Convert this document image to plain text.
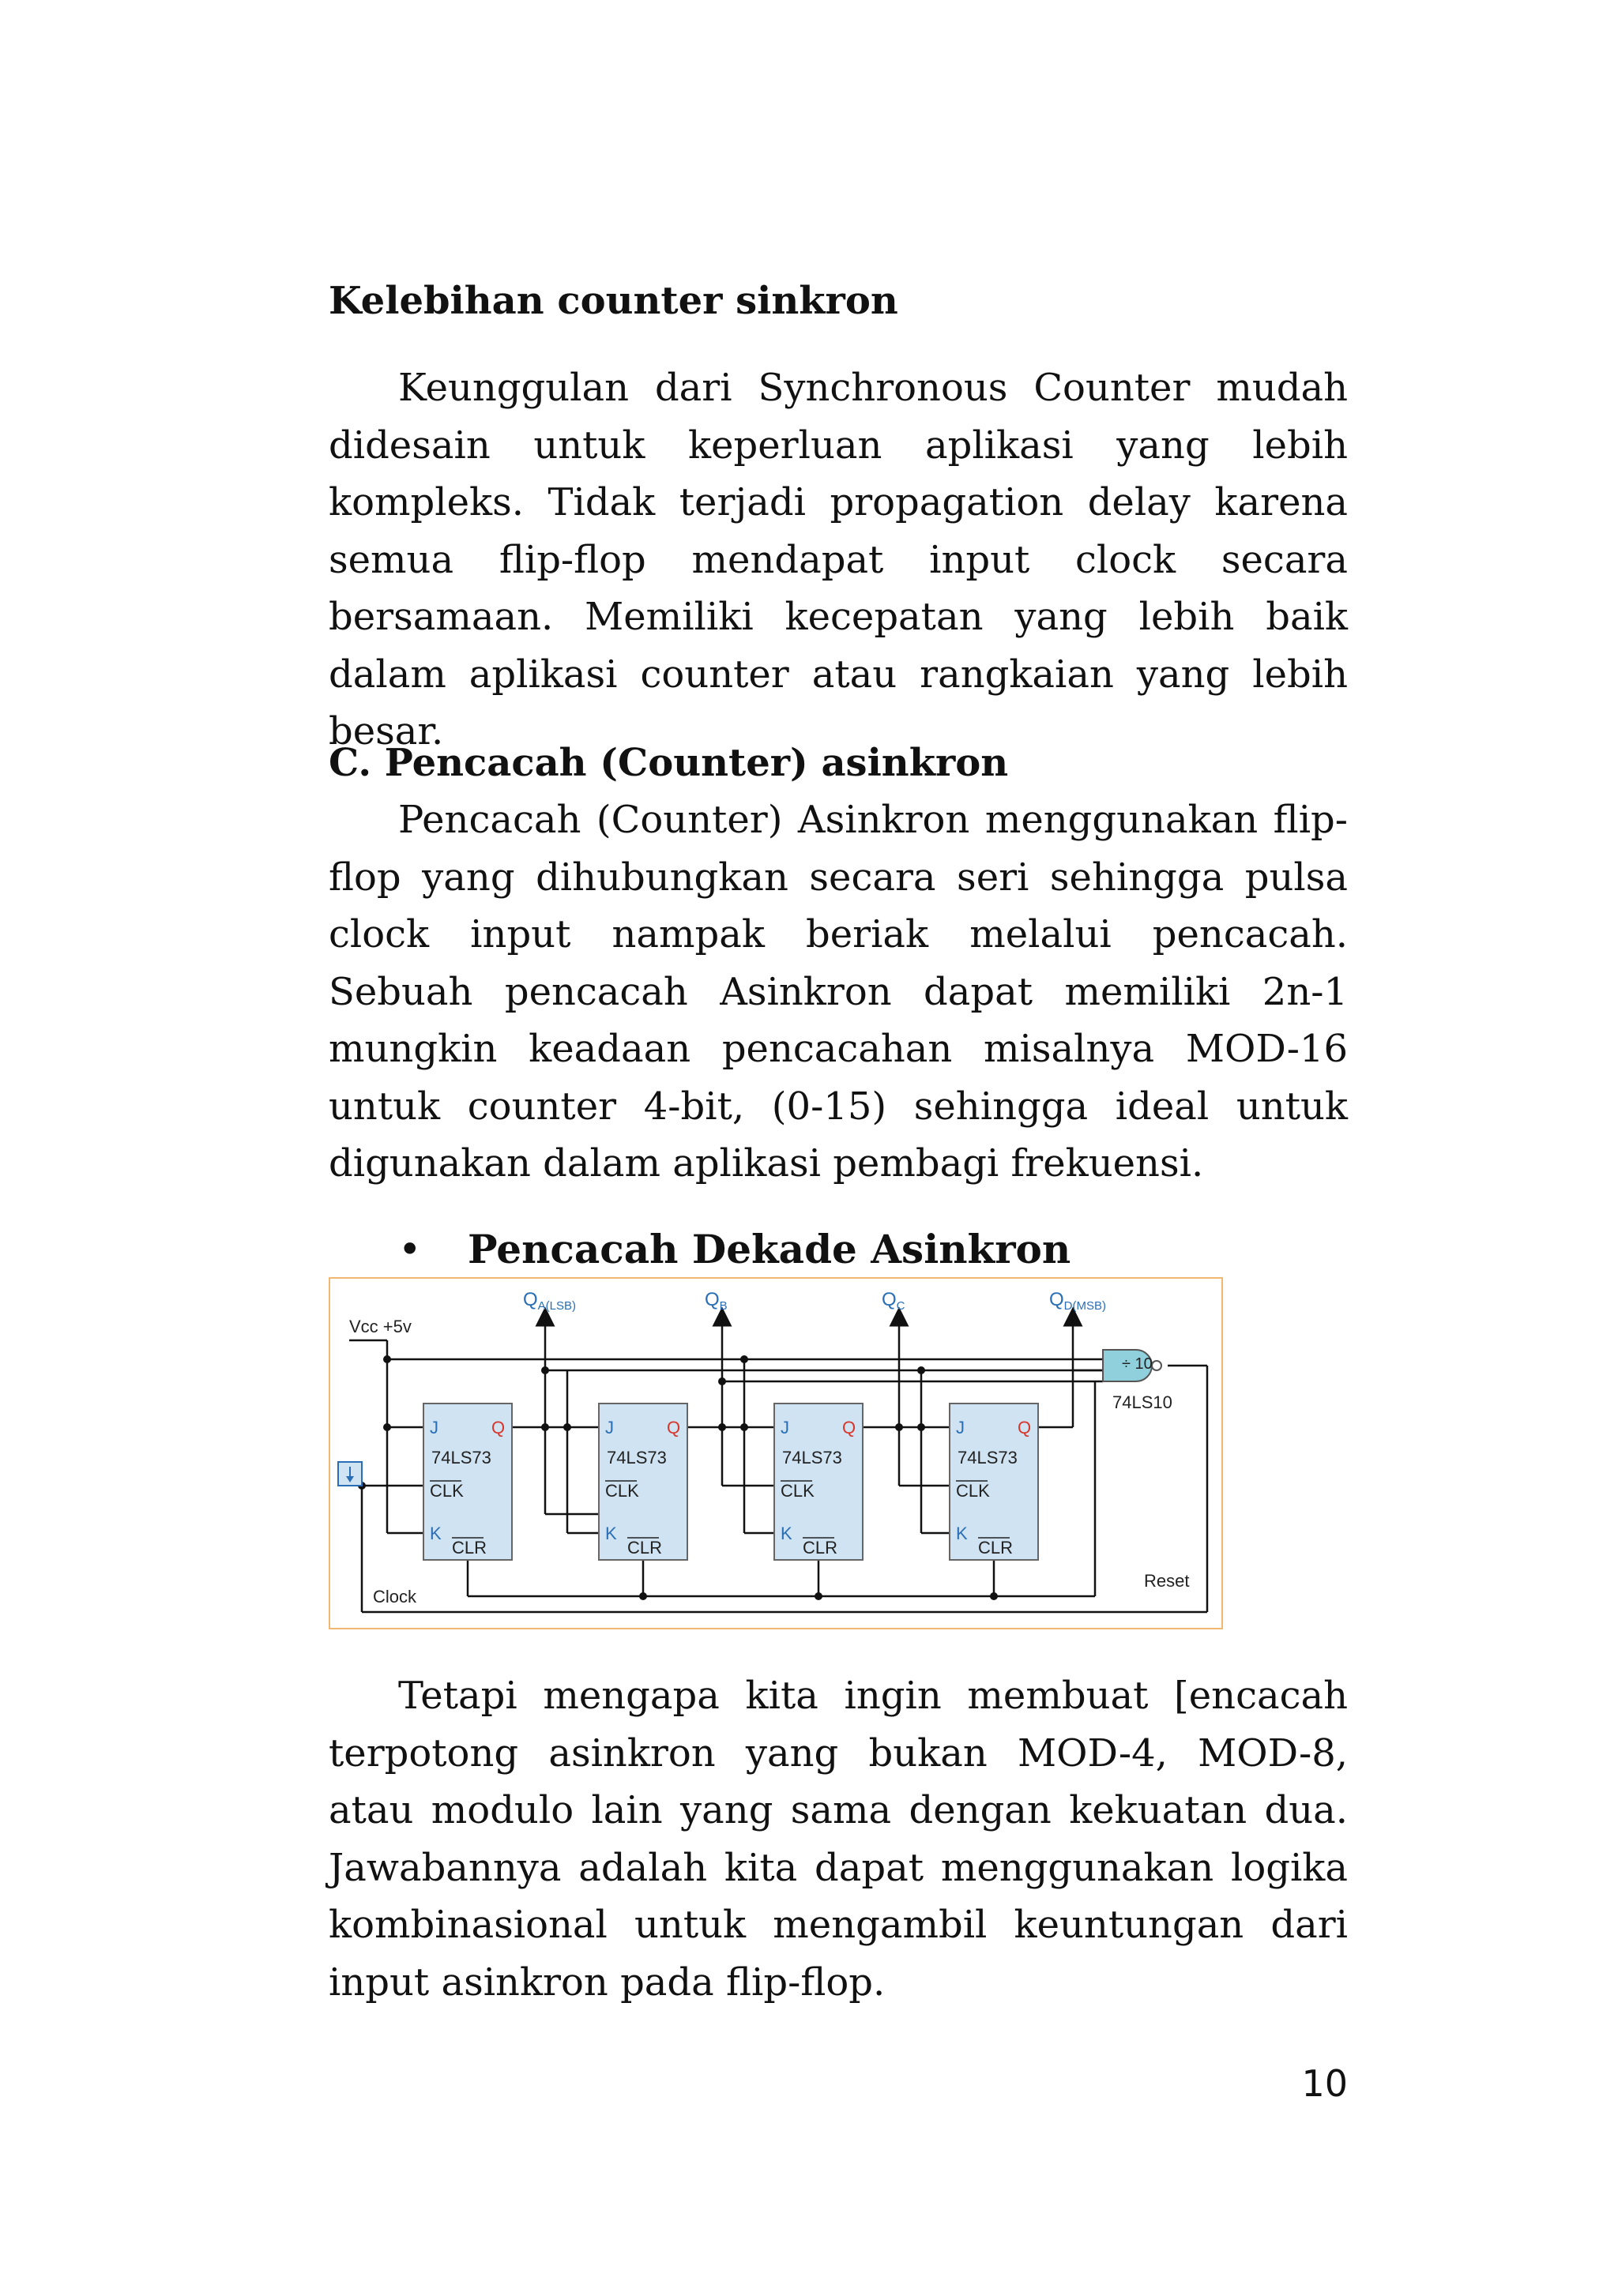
Kelebihan counter sinkron

Keunggulan dari Synchronous Counter mudah didesain untuk keperluan aplikasi yang lebih kompleks. Tidak terjadi propagation delay karena semua flip-flop mendapat input clock secara bersamaan. Memiliki kecepatan yang lebih baik dalam aplikasi counter atau rangkaian yang lebih besar.

C. Pencacah (Counter) asinkron

Pencacah (Counter) Asinkron menggunakan flip-flop yang dihubungkan secara seri sehingga pulsa clock input nampak beriak melalui pencacah. Sebuah pencacah Asinkron dapat memiliki 2n-1 mungkin keadaan pencacahan misalnya MOD-16 untuk counter 4-bit, (0-15) sehingga ideal untuk digunakan dalam aplikasi pembagi frekuensi.

• Pencacah Dekade Asinkron
Vcc +5v
Clock
Reset
÷ 10
74LS10
$Q_{A(LSB)}$	$Q_B$	$Q_C$	$Q_{D(MSB)}$
J	Q
74LS73
CLK
K
CLR
J	Q
74LS73
CLK
K
CLR
J	Q
74LS73
CLK
K
CLR
J	Q
74LS73
CLK
K
CLR

Tetapi mengapa kita ingin membuat [encacah terpotong asinkron yang bukan MOD-4, MOD-8, atau modulo lain yang sama dengan kekuatan dua. Jawabannya adalah kita dapat menggunakan logika kombinasional untuk mengambil keuntungan dari input asinkron pada flip-flop.

10
